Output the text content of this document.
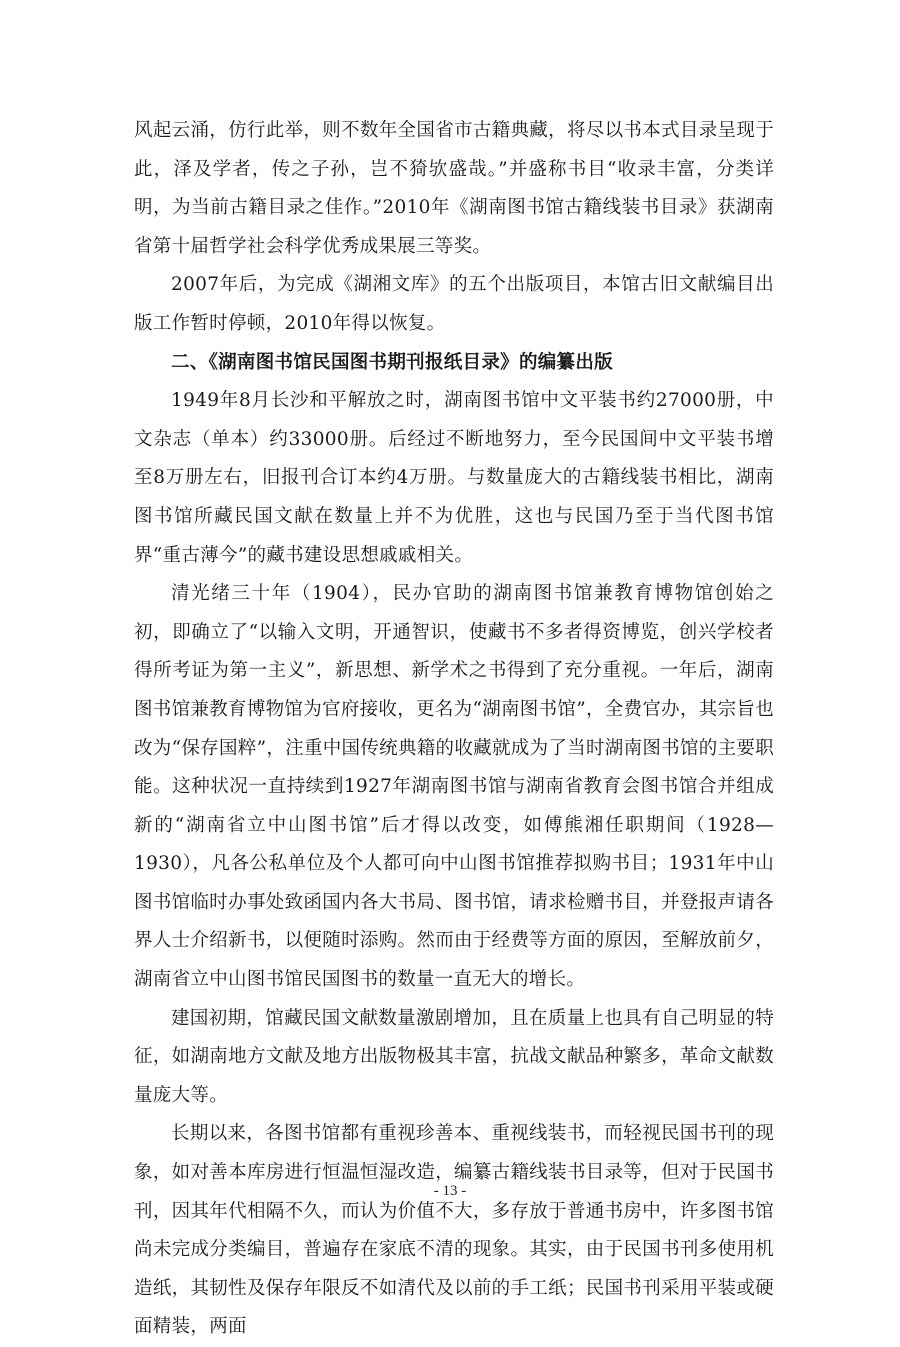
风起云涌，仿行此举，则不数年全国省市古籍典藏，将尽以书本式目录呈现于此，泽及学者，传之子孙，岂不猗欤盛哉。”并盛称书目“收录丰富，分类详明，为当前古籍目录之佳作。”2010年《湖南图书馆古籍线装书目录》获湖南省第十届哲学社会科学优秀成果展三等奖。

2007年后，为完成《湖湘文库》的五个出版项目，本馆古旧文献编目出版工作暂时停顿，2010年得以恢复。

二、《湖南图书馆民国图书期刊报纸目录》的编纂出版

1949年8月长沙和平解放之时，湖南图书馆中文平装书约27000册，中文杂志（单本）约33000册。后经过不断地努力，至今民国间中文平装书增至8万册左右，旧报刊合订本约4万册。与数量庞大的古籍线装书相比，湖南图书馆所藏民国文献在数量上并不为优胜，这也与民国乃至于当代图书馆界“重古薄今”的藏书建设思想戚戚相关。

清光绪三十年（1904），民办官助的湖南图书馆兼教育博物馆创始之初，即确立了“以输入文明，开通智识，使藏书不多者得资博览，创兴学校者得所考证为第一主义”，新思想、新学术之书得到了充分重视。一年后，湖南图书馆兼教育博物馆为官府接收，更名为“湖南图书馆”，全费官办，其宗旨也改为“保存国粹”，注重中国传统典籍的收藏就成为了当时湖南图书馆的主要职能。这种状况一直持续到1927年湖南图书馆与湖南省教育会图书馆合并组成新的“湖南省立中山图书馆”后才得以改变，如傅熊湘任职期间（1928—1930），凡各公私单位及个人都可向中山图书馆推荐拟购书目；1931年中山图书馆临时办事处致函国内各大书局、图书馆，请求检赠书目，并登报声请各界人士介绍新书，以便随时添购。然而由于经费等方面的原因，至解放前夕，湖南省立中山图书馆民国图书的数量一直无大的增长。

建国初期，馆藏民国文献数量激剧增加，且在质量上也具有自己明显的特征，如湖南地方文献及地方出版物极其丰富，抗战文献品种繁多，革命文献数量庞大等。

长期以来，各图书馆都有重视珍善本、重视线装书，而轻视民国书刊的现象，如对善本库房进行恒温恒湿改造，编纂古籍线装书目录等，但对于民国书刊，因其年代相隔不久，而认为价值不大，多存放于普通书房中，许多图书馆尚未完成分类编目，普遍存在家底不清的现象。其实，由于民国书刊多使用机造纸，其韧性及保存年限反不如清代及以前的手工纸；民国书刊采用平装或硬面精装，两面

- 13 -
